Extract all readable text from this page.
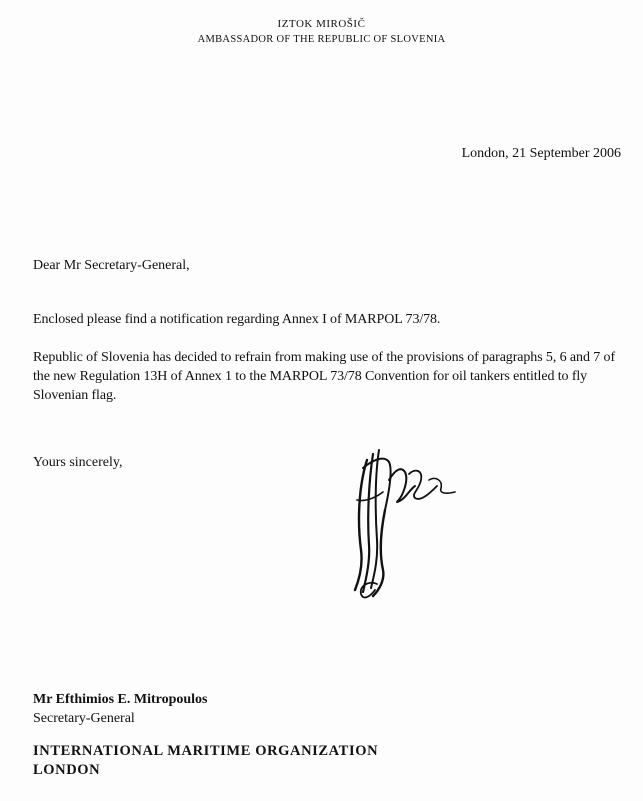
IZTOK MIROŠIČ
AMBASSADOR OF THE REPUBLIC OF SLOVENIA
London, 21 September 2006
Dear Mr Secretary-General,
Enclosed please find a notification regarding Annex I of MARPOL 73/78.
Republic of Slovenia has decided to refrain from making use of the provisions of paragraphs 5, 6 and 7 of the new Regulation 13H of Annex 1 to the MARPOL 73/78 Convention for oil tankers entitled to fly Slovenian flag.
Yours sincerely,
Mr Efthimios E. Mitropoulos
Secretary-General
INTERNATIONAL MARITIME ORGANIZATION
LONDON
